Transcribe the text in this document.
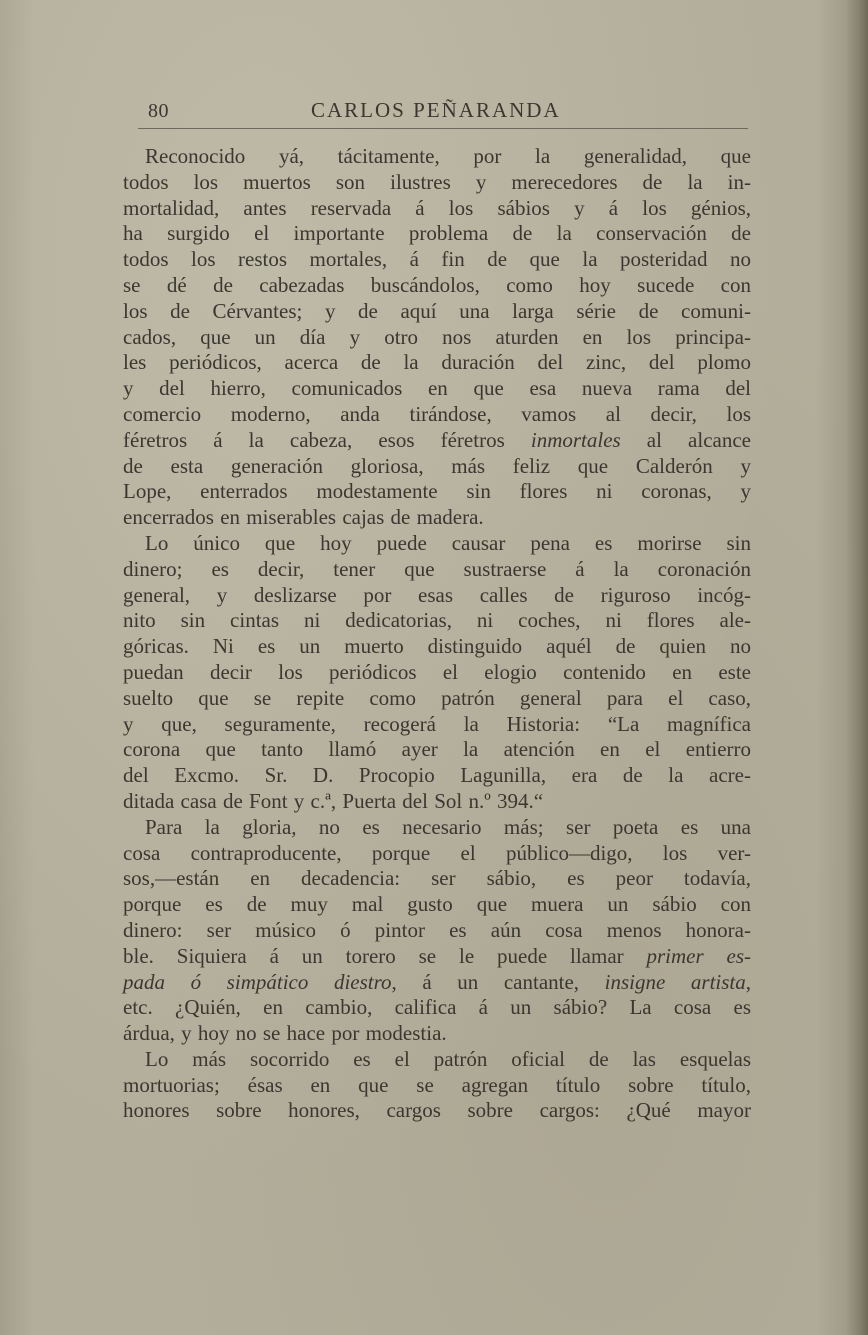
80	CARLOS PEÑARANDA
Reconocido yá, tácitamente, por la generalidad, que
todos los muertos son ilustres y merecedores de la in-
mortalidad, antes reservada á los sábios y á los génios,
ha surgido el importante problema de la conservación de
todos los restos mortales, á fin de que la posteridad no
se dé de cabezadas buscándolos, como hoy sucede con
los de Cérvantes; y de aquí una larga série de comuni-
cados, que un día y otro nos aturden en los principa-
les periódicos, acerca de la duración del zinc, del plomo
y del hierro, comunicados en que esa nueva rama del
comercio moderno, anda tirándose, vamos al decir, los
féretros á la cabeza, esos féretros inmortales al alcance
de esta generación gloriosa, más feliz que Calderón y
Lope, enterrados modestamente sin flores ni coronas, y
encerrados en miserables cajas de madera.
Lo único que hoy puede causar pena es morirse sin
dinero; es decir, tener que sustraerse á la coronación
general, y deslizarse por esas calles de riguroso incóg-
nito sin cintas ni dedicatorias, ni coches, ni flores ale-
góricas. Ni es un muerto distinguido aquél de quien no
puedan decir los periódicos el elogio contenido en este
suelto que se repite como patrón general para el caso,
y que, seguramente, recogerá la Historia: “La magnífica
corona que tanto llamó ayer la atención en el entierro
del Excmo. Sr. D. Procopio Lagunilla, era de la acre-
ditada casa de Font y c.ª, Puerta del Sol n.º 394.“
Para la gloria, no es necesario más; ser poeta es una
cosa contraproducente, porque el público—digo, los ver-
sos,—están en decadencia: ser sábio, es peor todavía,
porque es de muy mal gusto que muera un sábio con
dinero: ser músico ó pintor es aún cosa menos honora-
ble. Siquiera á un torero se le puede llamar primer es-
pada ó simpático diestro, á un cantante, insigne artista,
etc. ¿Quién, en cambio, califica á un sábio? La cosa es
árdua, y hoy no se hace por modestia.
Lo más socorrido es el patrón oficial de las esquelas
mortuorias; ésas en que se agregan título sobre título,
honores sobre honores, cargos sobre cargos: ¿Qué mayor
